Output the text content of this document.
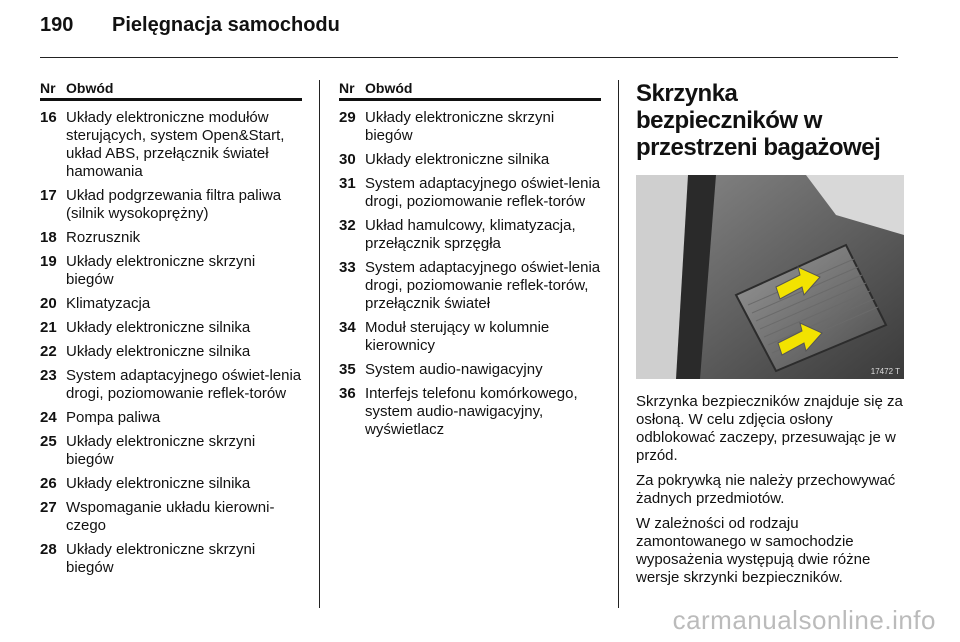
190	Pielęgnacja samochodu
Nr Obwód
16 Układy elektroniczne modułów sterujących, system Open&Start, układ ABS, przełącznik świateł hamowania
17 Układ podgrzewania filtra paliwa (silnik wysokoprężny)
18 Rozrusznik
19 Układy elektroniczne skrzyni biegów
20 Klimatyzacja
21 Układy elektroniczne silnika
22 Układy elektroniczne silnika
23 System adaptacyjnego oświet-lenia drogi, poziomowanie reflek-torów
24 Pompa paliwa
25 Układy elektroniczne skrzyni biegów
26 Układy elektroniczne silnika
27 Wspomaganie układu kierowni-czego
28 Układy elektroniczne skrzyni biegów
Nr Obwód
29 Układy elektroniczne skrzyni biegów
30 Układy elektroniczne silnika
31 System adaptacyjnego oświet-lenia drogi, poziomowanie reflek-torów
32 Układ hamulcowy, klimatyzacja, przełącznik sprzęgła
33 System adaptacyjnego oświet-lenia drogi, poziomowanie reflek-torów, przełącznik świateł
34 Moduł sterujący w kolumnie kierownicy
35 System audio-nawigacyjny
36 Interfejs telefonu komórkowego, system audio-nawigacyjny, wyświetlacz
Skrzynka bezpieczników w przestrzeni bagażowej
17472 T

Skrzynka bezpieczników znajduje się za osłoną. W celu zdjęcia osłony odblokować zaczepy, przesuwając je w przód.

Za pokrywką nie należy przechowywać żadnych przedmiotów.

W zależności od rodzaju zamontowanego w samochodzie wyposażenia występują dwie różne wersje skrzynki bezpieczników.

carmanualsonline.info
